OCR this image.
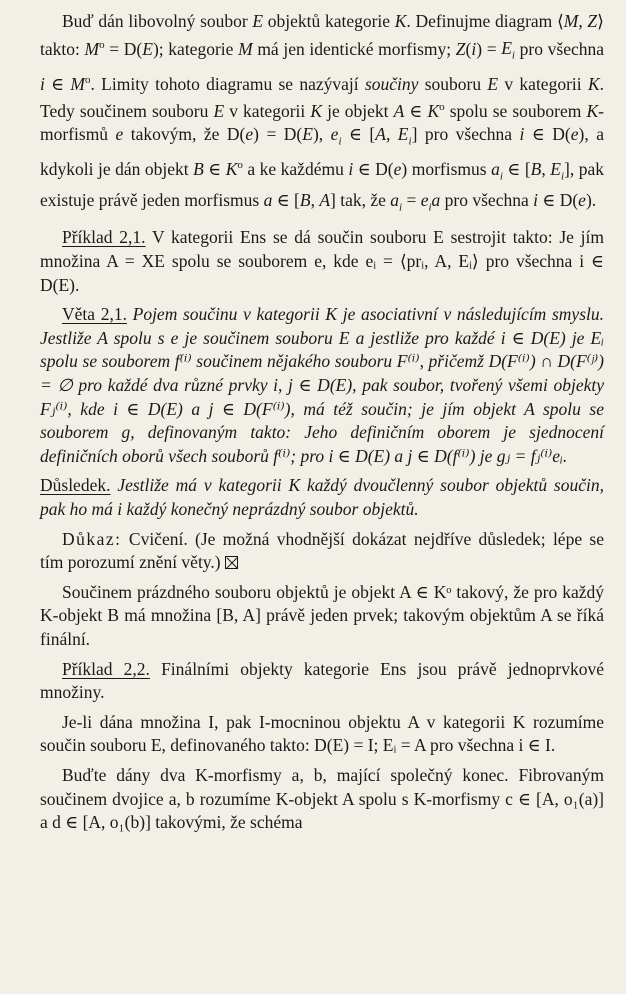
Buď dán libovolný soubor E objektů kategorie K. Definujme diagram ⟨M, Z⟩ takto: $M^o = D(E)$; kategorie M má jen identické morfismy; $Z(i) = E_i$ pro všechna i ∈ $M^o$. Limity tohoto diagramu se nazývají součiny souboru E v kategorii K. Tedy součinem souboru E v kategorii K je objekt A ∈ $K^o$ spolu se souborem K-morfismů e takovým, že D(e) = D(E), $e_i$ ∈ [A, $E_i$] pro všechna i ∈ D(e), a kdykoli je dán objekt B ∈ $K^o$ a ke každému i ∈ D(e) morfismus $a_i$ ∈ [B, $E_i$], pak existuje právě jeden morfismus a ∈ [B, A] tak, že $a_i = e_ia$ pro všechna i ∈ D(e).

Příklad 2,1. V kategorii Ens se dá součin souboru E sestrojit takto: Je jím množina A = XE spolu se souborem e, kde eᵢ = ⟨prᵢ, A, Eᵢ⟩ pro všechna i ∈ D(E).

Věta 2,1. Pojem součinu v kategorii K je asociativní v následujícím smyslu. Jestliže A spolu s e je součinem souboru E a jestliže pro každé i ∈ D(E) je Eᵢ spolu se souborem f⁽ⁱ⁾ součinem nějakého souboru F⁽ⁱ⁾, přičemž D(F⁽ⁱ⁾) ∩ D(F⁽ʲ⁾) = ∅ pro každé dva různé prvky i, j ∈ D(E), pak soubor, tvořený všemi objekty Fⱼ⁽ⁱ⁾, kde i ∈ D(E) a j ∈ D(F⁽ⁱ⁾), má též součin; je jím objekt A spolu se souborem g, definovaným takto: Jeho definičním oborem je sjednocení definičních oborů všech souborů f⁽ⁱ⁾; pro i ∈ D(E) a j ∈ D(f⁽ⁱ⁾) je gⱼ = fⱼ⁽ⁱ⁾eᵢ.

Důsledek. Jestliže má v kategorii K každý dvoučlenný soubor objektů součin, pak ho má i každý konečný neprázdný soubor objektů.

Důkaz: Cvičení. (Je možná vhodnější dokázat nejdříve důsledek; lépe se tím porozumí znění věty.)

Součinem prázdného souboru objektů je objekt A ∈ Kᵒ takový, že pro každý K-objekt B má množina [B, A] právě jeden prvek; takovým objektům A se říká finální.

Příklad 2,2. Finálními objekty kategorie Ens jsou právě jednoprvkové množiny.

Je-li dána množina I, pak I-mocninou objektu A v kategorii K rozumíme součin souboru E, definovaného takto: D(E) = I; Eᵢ = A pro všechna i ∈ I.

Buďte dány dva K-morfismy a, b, mající společný konec. Fibrovaným součinem dvojice a, b rozumíme K-objekt A spolu s K-morfismy c ∈ [A, o₁(a)] a d ∈ [A, o₁(b)] takovými, že schéma
